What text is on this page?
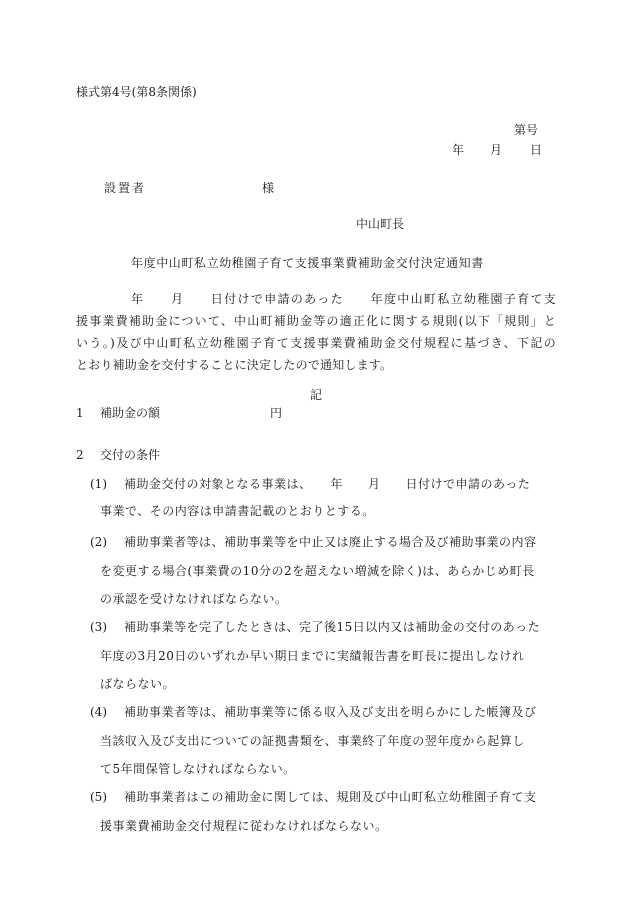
様式第4号(第8条関係)
第号
年 月 日
設置者	様
中山町長
年度中山町私立幼稚園子育て支援事業費補助金交付決定通知書
年　　月　　日付けで申請のあった　　年度中山町私立幼稚園子育て支
援事業費補助金について、中山町補助金等の適正化に関する規則(以下「規則」と
いう。)及び中山町私立幼稚園子育て支援事業費補助金交付規程に基づき、下記の
とおり補助金を交付することに決定したので通知します。
記
1 補助金の額	円
2 交付の条件
(1) 補助金交付の対象となる事業は、　　年　　月　　日付けで申請のあった
事業で、その内容は申請書記載のとおりとする。
(2) 補助事業者等は、補助事業等を中止又は廃止する場合及び補助事業の内容
を変更する場合(事業費の10分の2を超えない増減を除く)は、あらかじめ町長
の承認を受けなければならない。
(3) 補助事業等を完了したときは、完了後15日以内又は補助金の交付のあった
年度の3月20日のいずれか早い期日までに実績報告書を町長に提出しなけれ
ばならない。
(4) 補助事業者等は、補助事業等に係る収入及び支出を明らかにした帳簿及び
当該収入及び支出についての証拠書類を、事業終了年度の翌年度から起算し
て5年間保管しなければならない。
(5) 補助事業者はこの補助金に関しては、規則及び中山町私立幼稚園子育て支
援事業費補助金交付規程に従わなければならない。
